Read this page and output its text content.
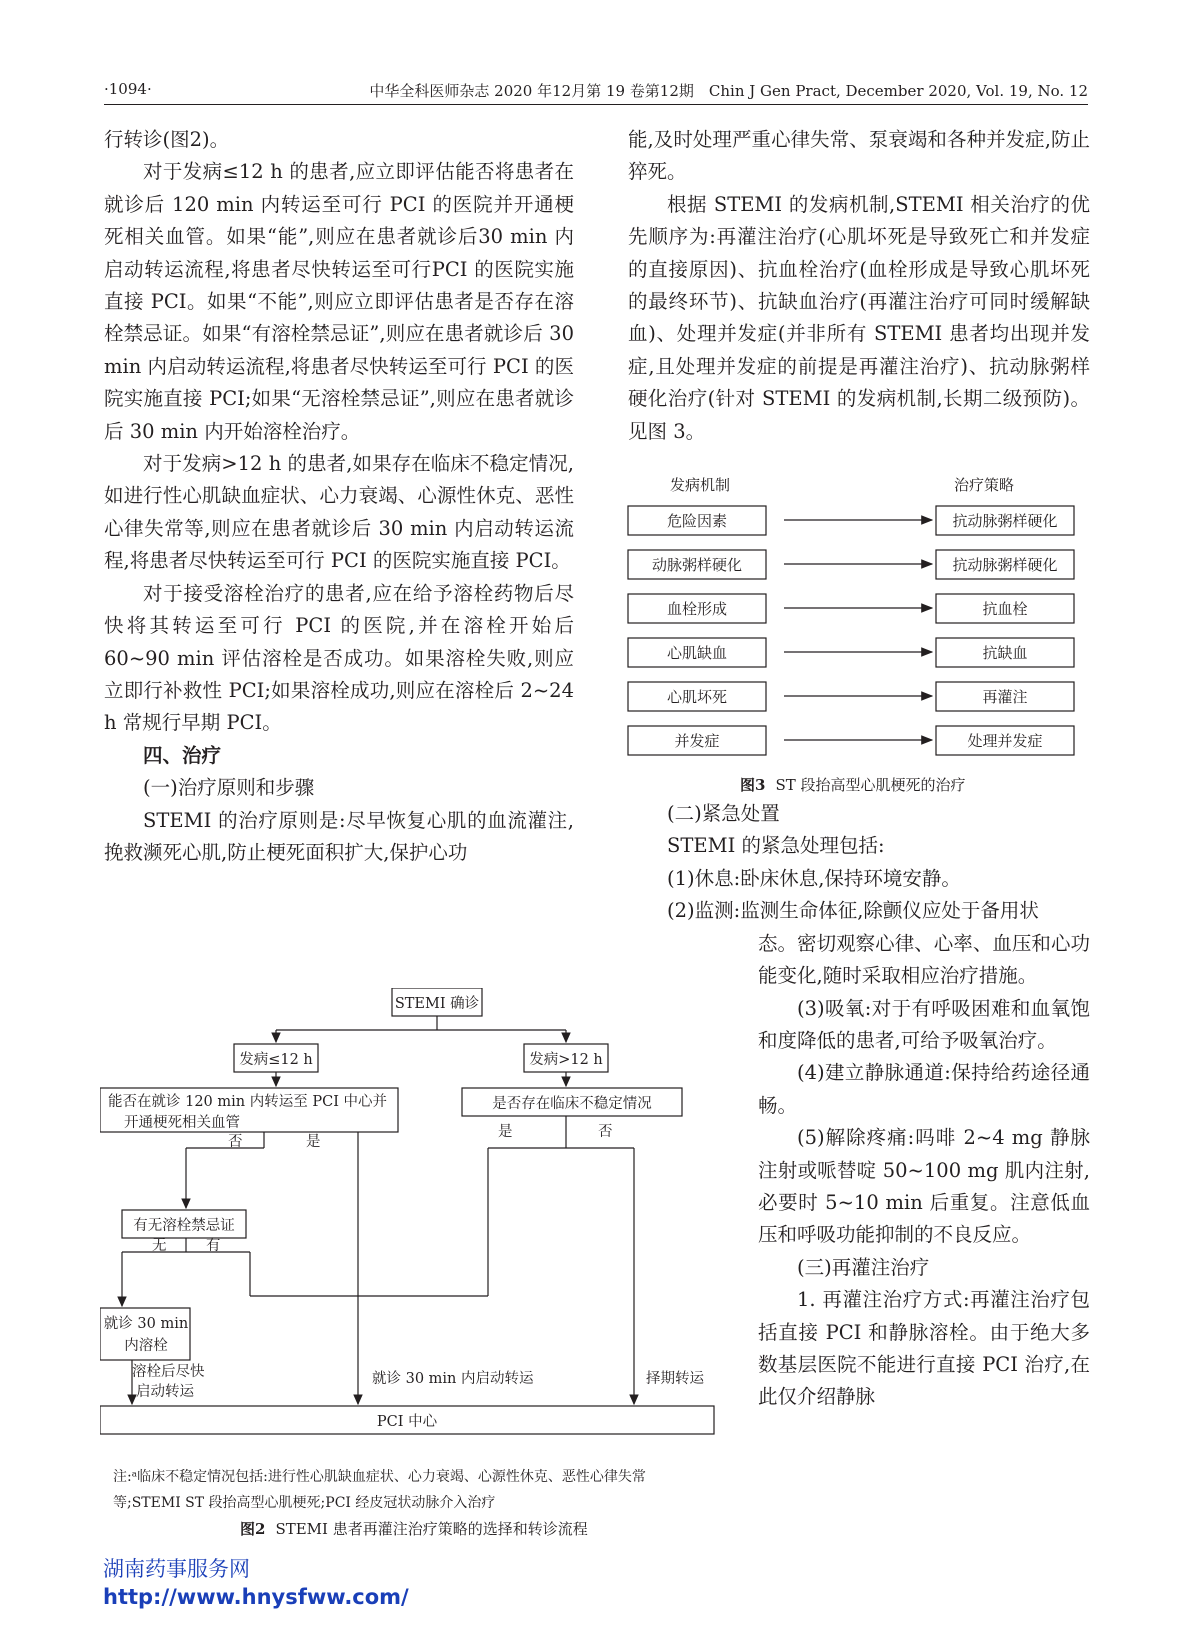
·1094·	中华全科医师杂志 2020 年12月第 19 卷第12期　Chin J Gen Pract, December 2020, Vol. 19, No. 12

行转诊(图2)。

对于发病≤12 h 的患者,应立即评估能否将患者在就诊后 120 min 内转运至可行 PCI 的医院并开通梗死相关血管。如果“能”,则应在患者就诊后30 min 内启动转运流程,将患者尽快转运至可行PCI 的医院实施直接 PCI。如果“不能”,则应立即评估患者是否存在溶栓禁忌证。如果“有溶栓禁忌证”,则应在患者就诊后 30 min 内启动转运流程,将患者尽快转运至可行 PCI 的医院实施直接 PCI;如果“无溶栓禁忌证”,则应在患者就诊后 30 min 内开始溶栓治疗。

对于发病>12 h 的患者,如果存在临床不稳定情况,如进行性心肌缺血症状、心力衰竭、心源性休克、恶性心律失常等,则应在患者就诊后 30 min 内启动转运流程,将患者尽快转运至可行 PCI 的医院实施直接 PCI。

对于接受溶栓治疗的患者,应在给予溶栓药物后尽快将其转运至可行 PCI 的医院,并在溶栓开始后 60~90 min 评估溶栓是否成功。如果溶栓失败,则应立即行补救性 PCI;如果溶栓成功,则应在溶栓后 2~24 h 常规行早期 PCI。

四、治疗

(一)治疗原则和步骤

STEMI 的治疗原则是:尽早恢复心肌的血流灌注,挽救濒死心肌,防止梗死面积扩大,保护心功

能,及时处理严重心律失常、泵衰竭和各种并发症,防止猝死。

根据 STEMI 的发病机制,STEMI 相关治疗的优先顺序为:再灌注治疗(心肌坏死是导致死亡和并发症的直接原因)、抗血栓治疗(血栓形成是导致心肌坏死的最终环节)、抗缺血治疗(再灌注治疗可同时缓解缺血)、处理并发症(并非所有 STEMI 患者均出现并发症,且处理并发症的前提是再灌注治疗)、抗动脉粥样硬化治疗(针对 STEMI 的发病机制,长期二级预防)。见图 3。

(二)紧急处置

STEMI 的紧急处理包括:

(1)休息:卧床休息,保持环境安静。

(2)监测:监测生命体征,除颤仪应处于备用状

态。密切观察心律、心率、血压和心功能变化,随时采取相应治疗措施。

(3)吸氧:对于有呼吸困难和血氧饱和度降低的患者,可给予吸氧治疗。

(4)建立静脉通道:保持给药途径通畅。

(5)解除疼痛:吗啡 2~4 mg 静脉注射或哌替啶 50~100 mg 肌内注射,必要时 5~10 min 后重复。注意低血压和呼吸功能抑制的不良反应。

(三)再灌注治疗

1. 再灌注治疗方式:再灌注治疗包括直接 PCI 和静脉溶栓。由于绝大多数基层医院不能进行直接 PCI 治疗,在此仅介绍静脉

发病机制	治疗策略
危险因素	抗动脉粥样硬化
动脉粥样硬化	抗动脉粥样硬化
血栓形成	抗血栓
心肌缺血	抗缺血
心肌坏死	再灌注
并发症	处理并发症
图3 ST 段抬高型心肌梗死的治疗
STEMI 确诊
发病≤12 h	发病>12 h
能否在就诊 120 min 内转运至 PCI 中心并
开通梗死相关血管
是否存在临床不稳定情况
否	是
是	否
有无溶栓禁忌证
无	有
就诊 30 min
内溶栓
溶栓后尽快
启动转运
就诊 30 min 内启动转运	择期转运
PCI 中心
注:ᵃ临床不稳定情况包括:进行性心肌缺血症状、心力衰竭、心源性休克、恶性心律失常
等;STEMI ST 段抬高型心肌梗死;PCI 经皮冠状动脉介入治疗
图2 STEMI 患者再灌注治疗策略的选择和转诊流程
湖南药事服务网
http://www.hnysfww.com/
